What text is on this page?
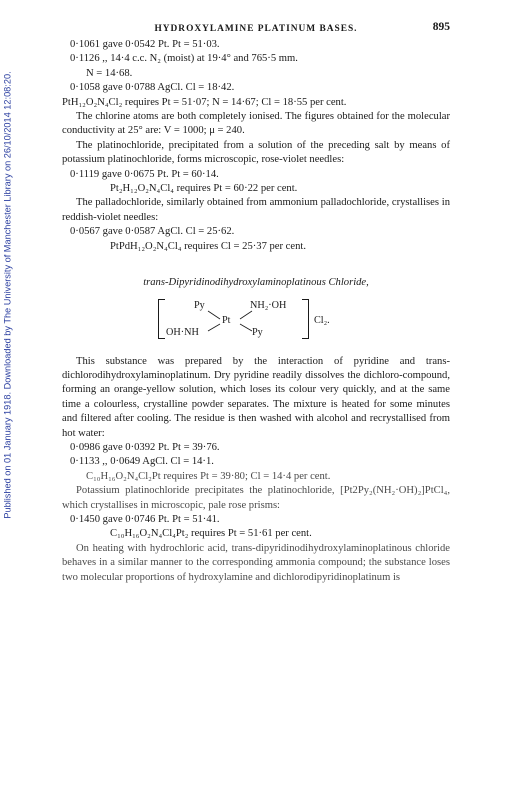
Published on 01 January 1918. Downloaded by The University of Manchester Library on 26/10/2014 12:08:20.
HYDROXYLAMINE PLATINUM BASES.	895
0·1061 gave 0·0542 Pt. Pt = 51·03.
0·1126 ,, 14·4 c.c. N₂ (moist) at 19·4° and 765·5 mm.
N = 14·68.
0·1058 gave 0·0788 AgCl. Cl = 18·42.
PtH₁₂O₂N₄Cl₂ requires Pt = 51·07; N = 14·67; Cl = 18·55 per cent.
The chlorine atoms are both completely ionised. The figures obtained for the molecular conductivity at 25° are: V = 1000; μ = 240.
The platinochloride, precipitated from a solution of the preceding salt by means of potassium platinochloride, forms microscopic, rose-violet needles:
0·1119 gave 0·0675 Pt. Pt = 60·14.
Pt₂H₁₂O₂N₄Cl₄ requires Pt = 60·22 per cent.
The palladochloride, similarly obtained from ammonium palladochloride, crystallises in reddish-violet needles:
0·0567 gave 0·0587 AgCl. Cl = 25·62.
PtPdH₁₂O₂N₄Cl₄ requires Cl = 25·37 per cent.
trans-Dipyridinodihydroxylaminoplatinous Chloride,
Py	NH₂·OH
Pt
OH·NH	Py
Cl₂.
This substance was prepared by the interaction of pyridine and trans-dichlorodihydroxylaminoplatinum. Dry pyridine readily dissolves the dichloro-compound, forming an orange-yellow solution, which loses its colour very quickly, and at the same time a colourless, crystalline powder separates. The mixture is heated for some minutes and filtered after cooling. The residue is then washed with alcohol and recrystallised from hot water:
0·0986 gave 0·0392 Pt. Pt = 39·76.
0·1133 ,, 0·0649 AgCl. Cl = 14·1.
C₁₀H₁₆O₂N₄Cl₂Pt requires Pt = 39·80; Cl = 14·4 per cent.
Potassium platinochloride precipitates the platinochloride, [Pt2Py₂(NH₂·OH)₂]PtCl₄, which crystallises in microscopic, pale rose prisms:
0·1450 gave 0·0746 Pt. Pt = 51·41.
C₁₀H₁₆O₂N₄Cl₄Pt₂ requires Pt = 51·61 per cent.
On heating with hydrochloric acid, trans-dipyridinodihydroxylaminoplatinous chloride behaves in a similar manner to the corresponding ammonia compound; the substance loses two molecular proportions of hydroxylamine and dichlorodipyridinoplatinum is
